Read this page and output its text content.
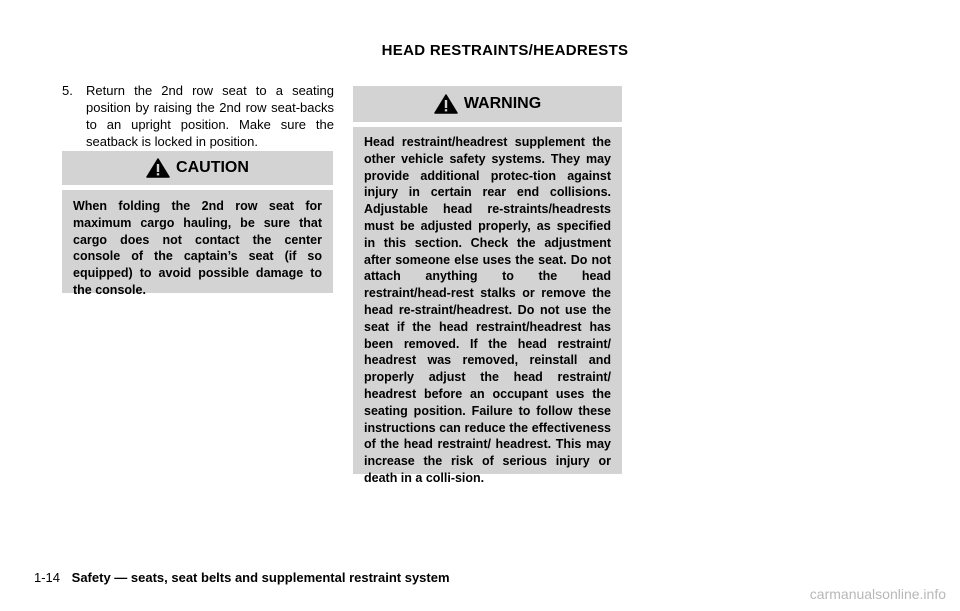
HEAD RESTRAINTS/HEADRESTS
5. Return the 2nd row seat to a seating position by raising the 2nd row seat-backs to an upright position. Make sure the seatback is locked in position.
CAUTION
When folding the 2nd row seat for maximum cargo hauling, be sure that cargo does not contact the center console of the captain’s seat (if so equipped) to avoid possible damage to the console.
WARNING
Head restraint/headrest supplement the other vehicle safety systems. They may provide additional protec-tion against injury in certain rear end collisions. Adjustable head re-straints/headrests must be adjusted properly, as specified in this section. Check the adjustment after someone else uses the seat. Do not attach anything to the head restraint/head-rest stalks or remove the head re-straint/headrest. Do not use the seat if the head restraint/headrest has been removed. If the head restraint/ headrest was removed, reinstall and properly adjust the head restraint/ headrest before an occupant uses the seating position. Failure to follow these instructions can reduce the effectiveness of the head restraint/ headrest. This may increase the risk of serious injury or death in a colli-sion.
1-14 Safety — seats, seat belts and supplemental restraint system
carmanualsonline.info
